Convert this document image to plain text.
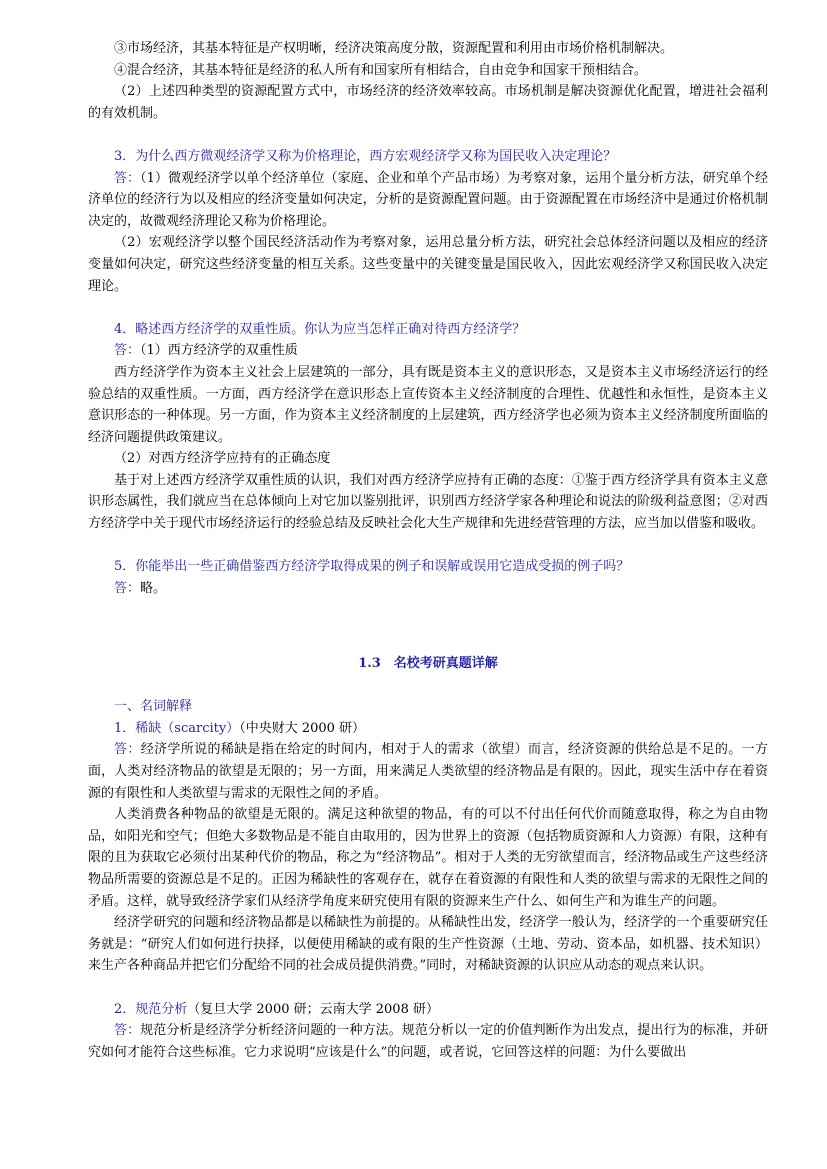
③市场经济，其基本特征是产权明晰，经济决策高度分散，资源配置和利用由市场价格机制解决。

④混合经济，其基本特征是经济的私人所有和国家所有相结合，自由竞争和国家干预相结合。

（2）上述四种类型的资源配置方式中，市场经济的经济效率较高。市场机制是解决资源优化配置，增进社会福利的有效机制。

3．为什么西方微观经济学又称为价格理论，西方宏观经济学又称为国民收入决定理论？

答：（1）微观经济学以单个经济单位（家庭、企业和单个产品市场）为考察对象，运用个量分析方法，研究单个经济单位的经济行为以及相应的经济变量如何决定，分析的是资源配置问题。由于资源配置在市场经济中是通过价格机制决定的，故微观经济理论又称为价格理论。

（2）宏观经济学以整个国民经济活动作为考察对象，运用总量分析方法，研究社会总体经济问题以及相应的经济变量如何决定，研究这些经济变量的相互关系。这些变量中的关键变量是国民收入，因此宏观经济学又称国民收入决定理论。

4．略述西方经济学的双重性质。你认为应当怎样正确对待西方经济学？

答：（1）西方经济学的双重性质

西方经济学作为资本主义社会上层建筑的一部分，具有既是资本主义的意识形态，又是资本主义市场经济运行的经验总结的双重性质。一方面，西方经济学在意识形态上宣传资本主义经济制度的合理性、优越性和永恒性，是资本主义意识形态的一种体现。另一方面，作为资本主义经济制度的上层建筑，西方经济学也必须为资本主义经济制度所面临的经济问题提供政策建议。

（2）对西方经济学应持有的正确态度

基于对上述西方经济学双重性质的认识，我们对西方经济学应持有正确的态度：①鉴于西方经济学具有资本主义意识形态属性，我们就应当在总体倾向上对它加以鉴别批评，识别西方经济学家各种理论和说法的阶级利益意图；②对西方经济学中关于现代市场经济运行的经验总结及反映社会化大生产规律和先进经营管理的方法，应当加以借鉴和吸收。

5．你能举出一些正确借鉴西方经济学取得成果的例子和误解或误用它造成受损的例子吗？

答：略。

1.3　名校考研真题详解

一、名词解释

1．稀缺（scarcity）（中央财大 2000 研）

答：经济学所说的稀缺是指在给定的时间内，相对于人的需求（欲望）而言，经济资源的供给总是不足的。一方面，人类对经济物品的欲望是无限的；另一方面，用来满足人类欲望的经济物品是有限的。因此，现实生活中存在着资源的有限性和人类欲望与需求的无限性之间的矛盾。

人类消费各种物品的欲望是无限的。满足这种欲望的物品，有的可以不付出任何代价而随意取得，称之为自由物品，如阳光和空气；但绝大多数物品是不能自由取用的，因为世界上的资源（包括物质资源和人力资源）有限，这种有限的且为获取它必须付出某种代价的物品，称之为“经济物品”。相对于人类的无穷欲望而言，经济物品或生产这些经济物品所需要的资源总是不足的。正因为稀缺性的客观存在，就存在着资源的有限性和人类的欲望与需求的无限性之间的矛盾。这样，就导致经济学家们从经济学角度来研究使用有限的资源来生产什么、如何生产和为谁生产的问题。

经济学研究的问题和经济物品都是以稀缺性为前提的。从稀缺性出发，经济学一般认为，经济学的一个重要研究任务就是：“研究人们如何进行抉择，以便使用稀缺的或有限的生产性资源（土地、劳动、资本品，如机器、技术知识）来生产各种商品并把它们分配给不同的社会成员提供消费。”同时，对稀缺资源的认识应从动态的观点来认识。

2．规范分析（复旦大学 2000 研；云南大学 2008 研）

答：规范分析是经济学分析经济问题的一种方法。规范分析以一定的价值判断作为出发点，提出行为的标准，并研究如何才能符合这些标准。它力求说明“应该是什么”的问题，或者说，它回答这样的问题：为什么要做出
